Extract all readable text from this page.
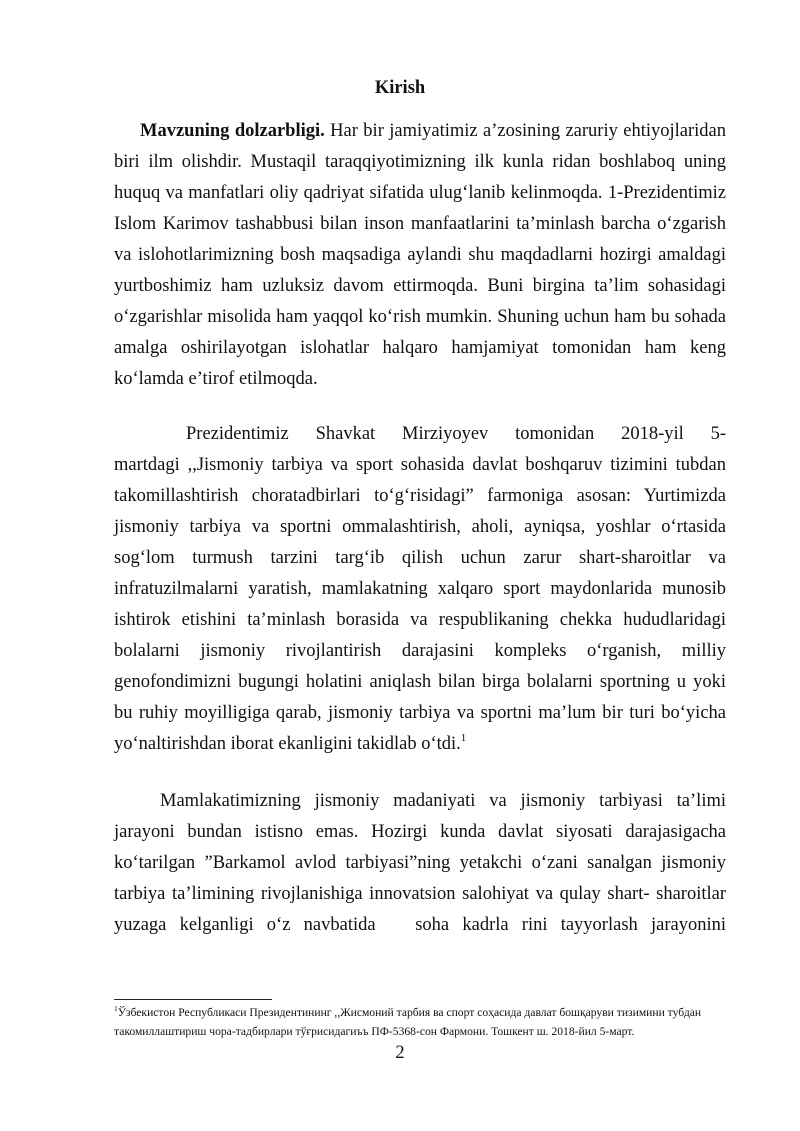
Kirish
Mavzuning dolzarbligi. Har bir jamiyatimiz a’zosining zaruriy ehtiyojlaridan
biri ilm olishdir. Mustaqil taraqqiyotimizning ilk kunla ridan boshlaboq uning
huquq va manfatlari oliy qadriyat sifatida ulug‘lanib kelinmoqda. 1-Prezidentimiz
Islom Karimov tashabbusi bilan inson manfaatlarini ta’minlash barcha o‘zgarish
va islohotlarimizning bosh maqsadiga aylandi shu maqdadlarni hozirgi amaldagi
yurtboshimiz ham uzluksiz davom ettirmoqda. Buni birgina ta’lim sohasidagi
o‘zgarishlar misolida ham yaqqol ko‘rish mumkin. Shuning uchun ham bu sohada
amalga oshirilayotgan islohatlar halqaro hamjamiyat tomonidan ham keng
ko‘lamda e’tirof etilmoqda.
Prezidentimiz Shavkat Mirziyoyev tomonidan 2018-yil 5-
martdagi ,,Jismoniy tarbiya va sport sohasida davlat boshqaruv tizimini tubdan
takomillashtirish choratadbirlari to‘g‘risidagi” farmoniga asosan: Yurtimizda
jismoniy tarbiya va sportni ommalashtirish, aholi, ayniqsa, yoshlar o‘rtasida
sog‘lom turmush tarzini targ‘ib qilish uchun zarur shart-sharoitlar va
infratuzilmalarni yaratish, mamlakatning xalqaro sport maydonlarida munosib
ishtirok etishini ta’minlash borasida va respublikaning chekka hududlaridagi
bolalarni jismoniy rivojlantirish darajasini kompleks o‘rganish, milliy
genofondimizni bugungi holatini aniqlash bilan birga bolalarni sportning u yoki
bu ruhiy moyilligiga qarab, jismoniy tarbiya va sportni ma’lum bir turi bo‘yicha
yo‘naltirishdan iborat ekanligini takidlab o‘tdi.$^1$
Mamlakatimizning jismoniy madaniyati va jismoniy tarbiyasi ta’limi
jarayoni bundan istisno emas. Hozirgi kunda davlat siyosati darajasigacha
ko‘tarilgan ”Barkamol avlod tarbiyasi”ning yetakchi o‘zani sanalgan jismoniy
tarbiya ta’limining rivojlanishiga innovatsion salohiyat va qulay shart- sharoitlar
yuzaga kelganligi o‘z navbatida   soha kadrla rini tayyorlash jarayonini
$^1$Ўзбекистон Республикаси Президентининг ,,Жисмоний тарбия ва спорт соҳасида давлат бошқаруви тизимини тубдан
такомиллаштириш чора-тадбирлари тўғрисидагиъъ ПФ-5368-сон Фармони. Тошкент ш. 2018-йил 5-март.
2
